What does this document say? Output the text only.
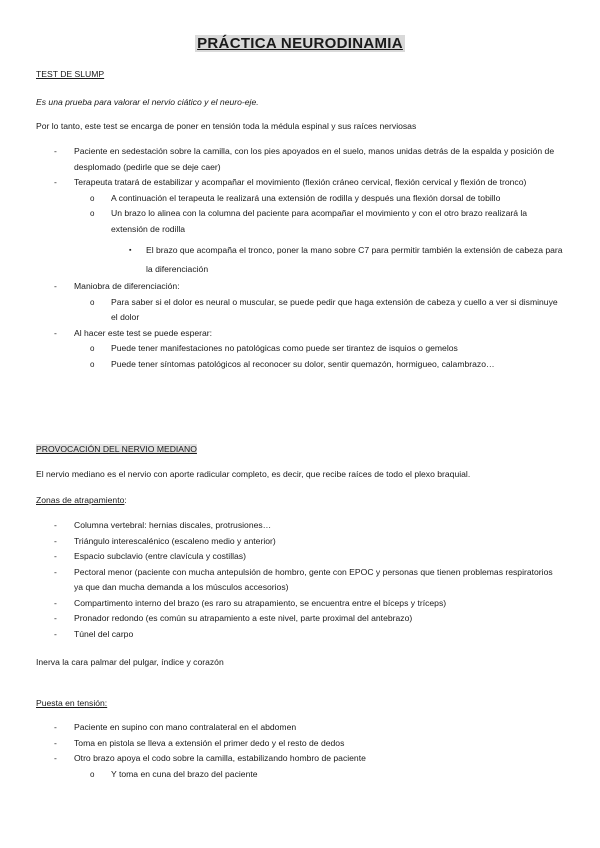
PRÁCTICA NEURODINAMIA

TEST DE SLUMP

Es una prueba para valorar el nervio ciático y el neuro-eje.

Por lo tanto, este test se encarga de poner en tensión toda la médula espinal y sus raíces nerviosas

- Paciente en sedestación sobre la camilla, con los pies apoyados en el suelo, manos unidas detrás de la espalda y posición de desplomado (pedirle que se deje caer)
- Terapeuta tratará de estabilizar y acompañar el movimiento (flexión cráneo cervical, flexión cervical y flexión de tronco)
o A continuación el terapeuta le realizará una extensión de rodilla y después una flexión dorsal de tobillo
o Un brazo lo alinea con la columna del paciente para acompañar el movimiento y con el otro brazo realizará la extensión de rodilla
▪ El brazo que acompaña el tronco, poner la mano sobre C7 para permitir también la extensión de cabeza para la diferenciación
- Maniobra de diferenciación:
o Para saber si el dolor es neural o muscular, se puede pedir que haga extensión de cabeza y cuello a ver si disminuye el dolor
- Al hacer este test se puede esperar:
o Puede tener manifestaciones no patológicas como puede ser tirantez de isquios o gemelos
o Puede tener síntomas patológicos al reconocer su dolor, sentir quemazón, hormigueo, calambrazo…

PROVOCACIÓN DEL NERVIO MEDIANO

El nervio mediano es el nervio con aporte radicular completo, es decir, que recibe raíces de todo el plexo braquial.

Zonas de atrapamiento:

- Columna vertebral: hernias discales, protrusiones…
- Triángulo interescalénico (escaleno medio y anterior)
- Espacio subclavio (entre clavícula y costillas)
- Pectoral menor (paciente con mucha antepulsión de hombro, gente con EPOC y personas que tienen problemas respiratorios ya que dan mucha demanda a los músculos accesorios)
- Compartimento interno del brazo (es raro su atrapamiento, se encuentra entre el bíceps y tríceps)
- Pronador redondo (es común su atrapamiento a este nivel, parte proximal del antebrazo)
- Túnel del carpo

Inerva la cara palmar del pulgar, índice y corazón

Puesta en tensión:

- Paciente en supino con mano contralateral en el abdomen
- Toma en pistola se lleva a extensión el primer dedo y el resto de dedos
- Otro brazo apoya el codo sobre la camilla, estabilizando hombro de paciente
o Y toma en cuna del brazo del paciente
